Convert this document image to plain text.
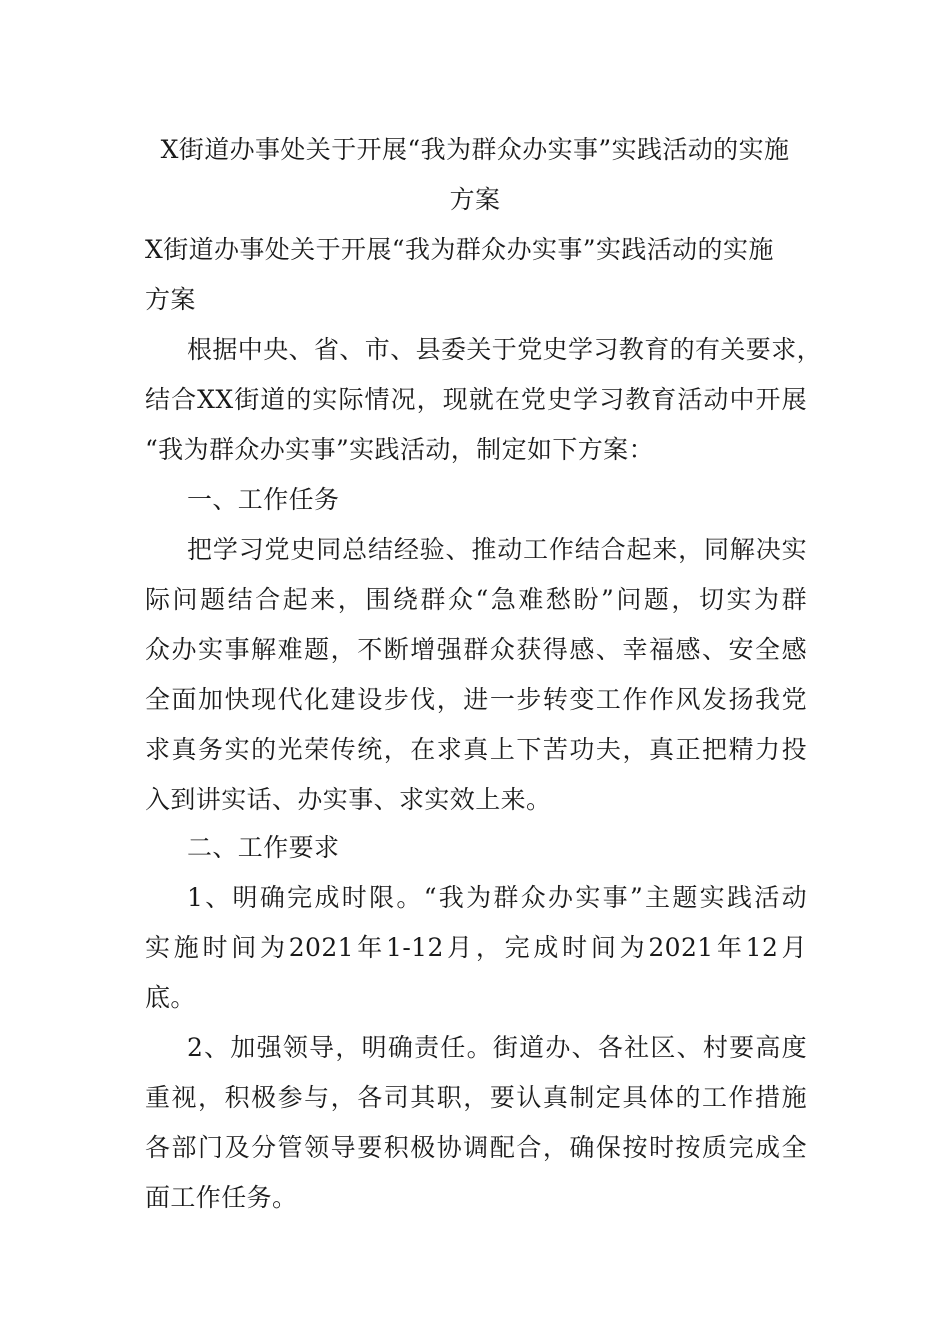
X街道办事处关于开展“我为群众办实事”实践活动的实施
方案
X街道办事处关于开展“我为群众办实事”实践活动的实施
方案
根据中央、省、市、县委关于党史学习教育的有关要求，
结合XX街道的实际情况，现就在党史学习教育活动中开展
“我为群众办实事”实践活动，制定如下方案：
一、工作任务
把学习党史同总结经验、推动工作结合起来，同解决实
际问题结合起来，围绕群众“急难愁盼”问题，切实为群
众办实事解难题，不断增强群众获得感、幸福感、安全感
全面加快现代化建设步伐，进一步转变工作作风发扬我党
求真务实的光荣传统，在求真上下苦功夫，真正把精力投
入到讲实话、办实事、求实效上来。
二、工作要求
1、明确完成时限。“我为群众办实事”主题实践活动
实施时间为2021年1-12月，完成时间为2021年12月
底。
2、加强领导，明确责任。街道办、各社区、村要高度
重视，积极参与，各司其职，要认真制定具体的工作措施
各部门及分管领导要积极协调配合，确保按时按质完成全
面工作任务。
